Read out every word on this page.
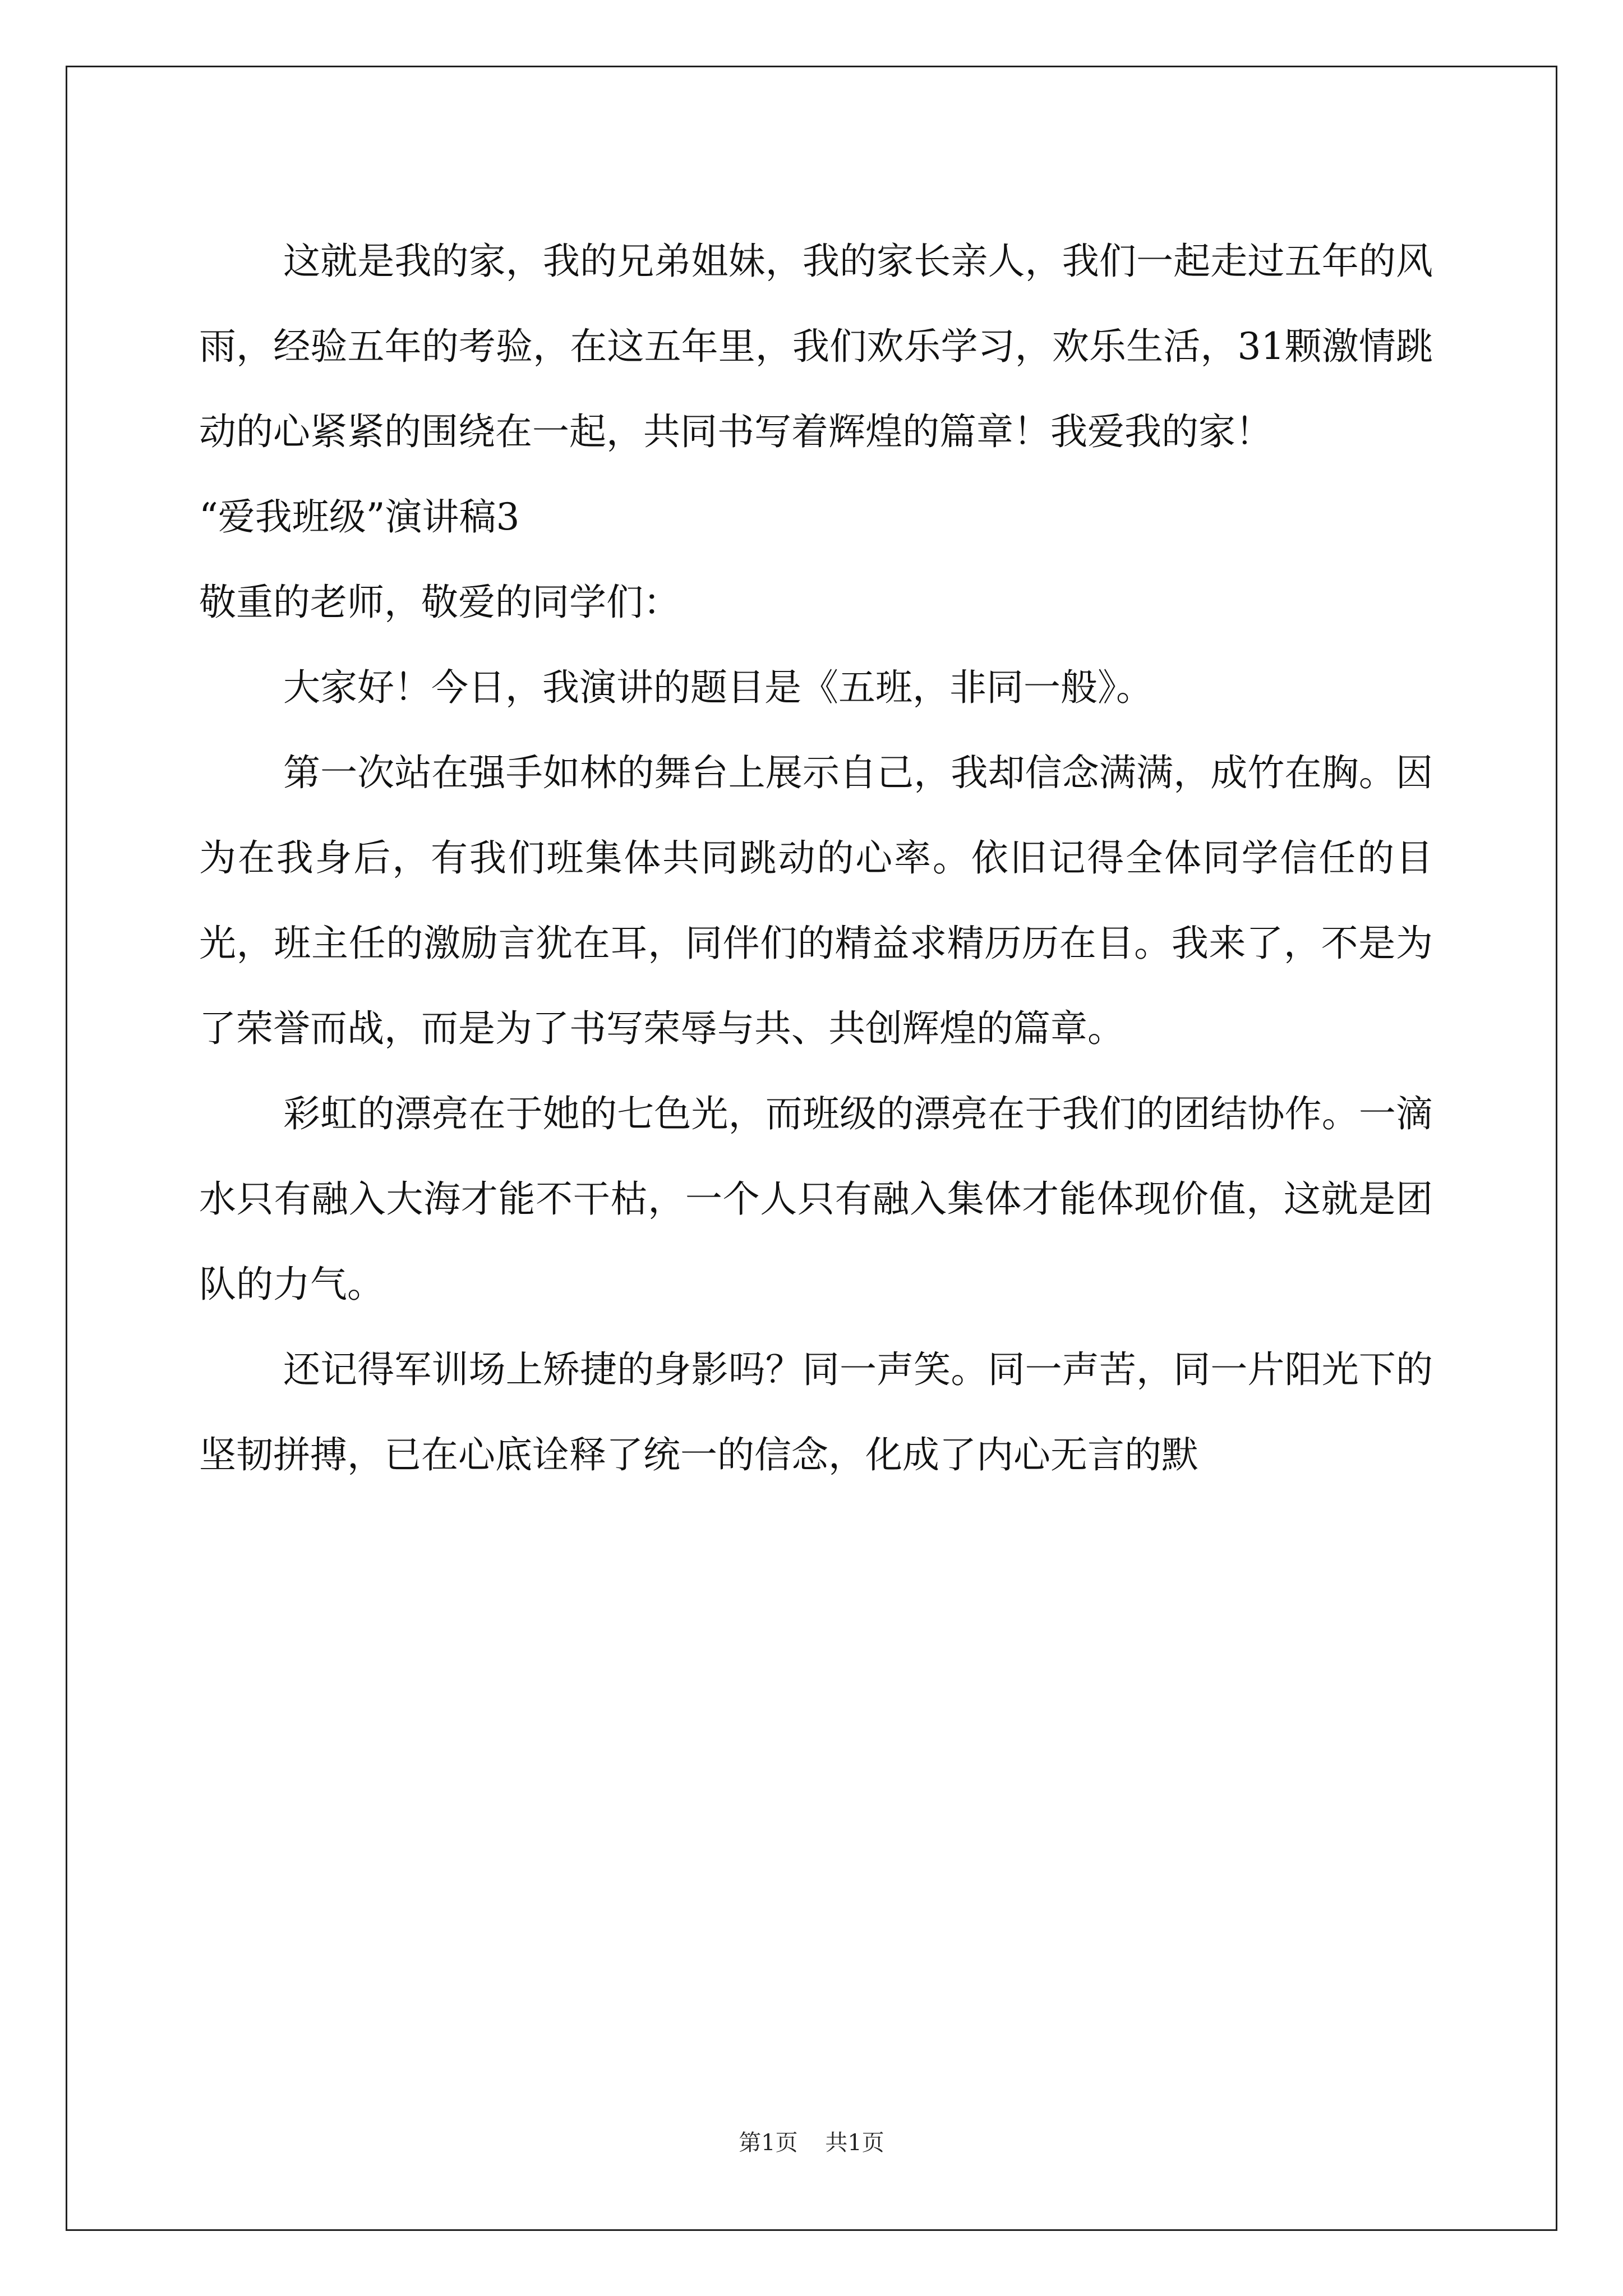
这就是我的家，我的兄弟姐妹，我的家长亲人，我们一起走过五年的风雨，经验五年的考验，在这五年里，我们欢乐学习，欢乐生活，31颗激情跳动的心紧紧的围绕在一起，共同书写着辉煌的篇章！我爱我的家！

“爱我班级”演讲稿3

敬重的老师，敬爱的同学们：

大家好！今日，我演讲的题目是《五班，非同一般》。

第一次站在强手如林的舞台上展示自己，我却信念满满，成竹在胸。因为在我身后，有我们班集体共同跳动的心率。依旧记得全体同学信任的目光，班主任的激励言犹在耳，同伴们的精益求精历历在目。我来了，不是为了荣誉而战，而是为了书写荣辱与共、共创辉煌的篇章。

彩虹的漂亮在于她的七色光，而班级的漂亮在于我们的团结协作。一滴水只有融入大海才能不干枯，一个人只有融入集体才能体现价值，这就是团队的力气。

还记得军训场上矫捷的身影吗？同一声笑。同一声苦，同一片阳光下的坚韧拼搏，已在心底诠释了统一的信念，化成了内心无言的默

第1页 共1页
